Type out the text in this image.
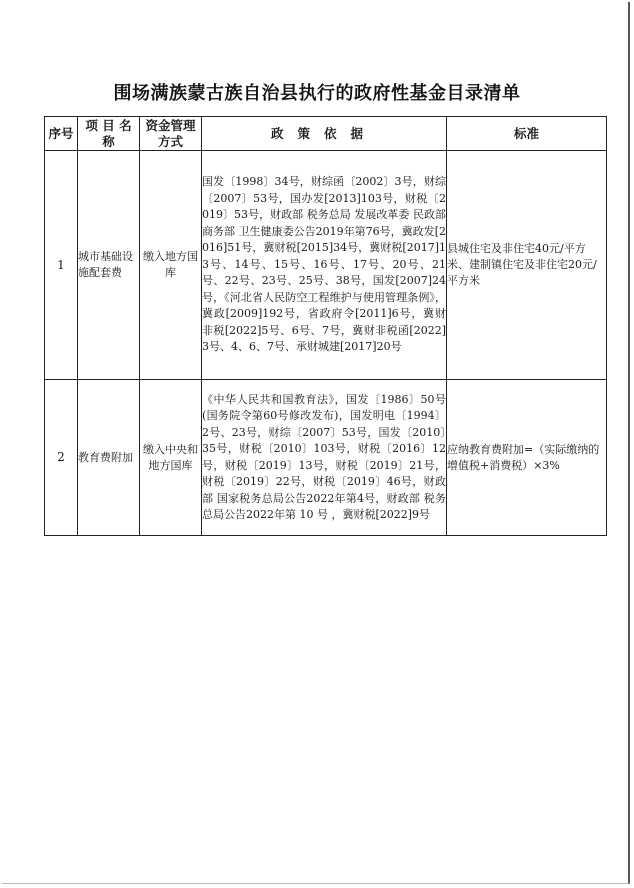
围场满族蒙古族自治县执行的政府性基金目录清单
序号	项 目 名 称	资金管理方式	政策依据	标准
1	城市基础设施配套费	缴入地方国库	国发〔1998〕34号，财综函〔2002〕3号，财综〔2007〕53号，国办发[2013]103号，财税〔2019〕53号，财政部 税务总局 发展改革委 民政部 商务部 卫生健康委公告2019年第76号，冀政发[2016]51号，冀财税[2015]34号，冀财税[2017]13号、14号、15号、16号、17号、20号、21号、22号、23号、25号、38号，国发[2007]24号，《河北省人民防空工程维护与使用管理条例》，冀政[2009]192号，省政府令[2011]6号，冀财非税[2022]5号、6号、7号，冀财非税函[2022]3号、4、6、7号、承财城建[2017]20号	县城住宅及非住宅40元/平方米、建制镇住宅及非住宅20元/平方米
2	教育费附加	缴入中央和地方国库	《中华人民共和国教育法》，国发〔1986〕50号(国务院令第60号修改发布)，国发明电〔1994〕2号、23号，财综〔2007〕53号，国发〔2010〕35号，财税〔2010〕103号，财税〔2016〕12号，财税〔2019〕13号，财税〔2019〕21号，财税〔2019〕22号，财税〔2019〕46号，财政部 国家税务总局公告2022年第4号，财政部 税务总局公告2022年第 10 号 ，冀财税[2022]9号	应纳教育费附加=（实际缴纳的增值税+消费税）×3%
